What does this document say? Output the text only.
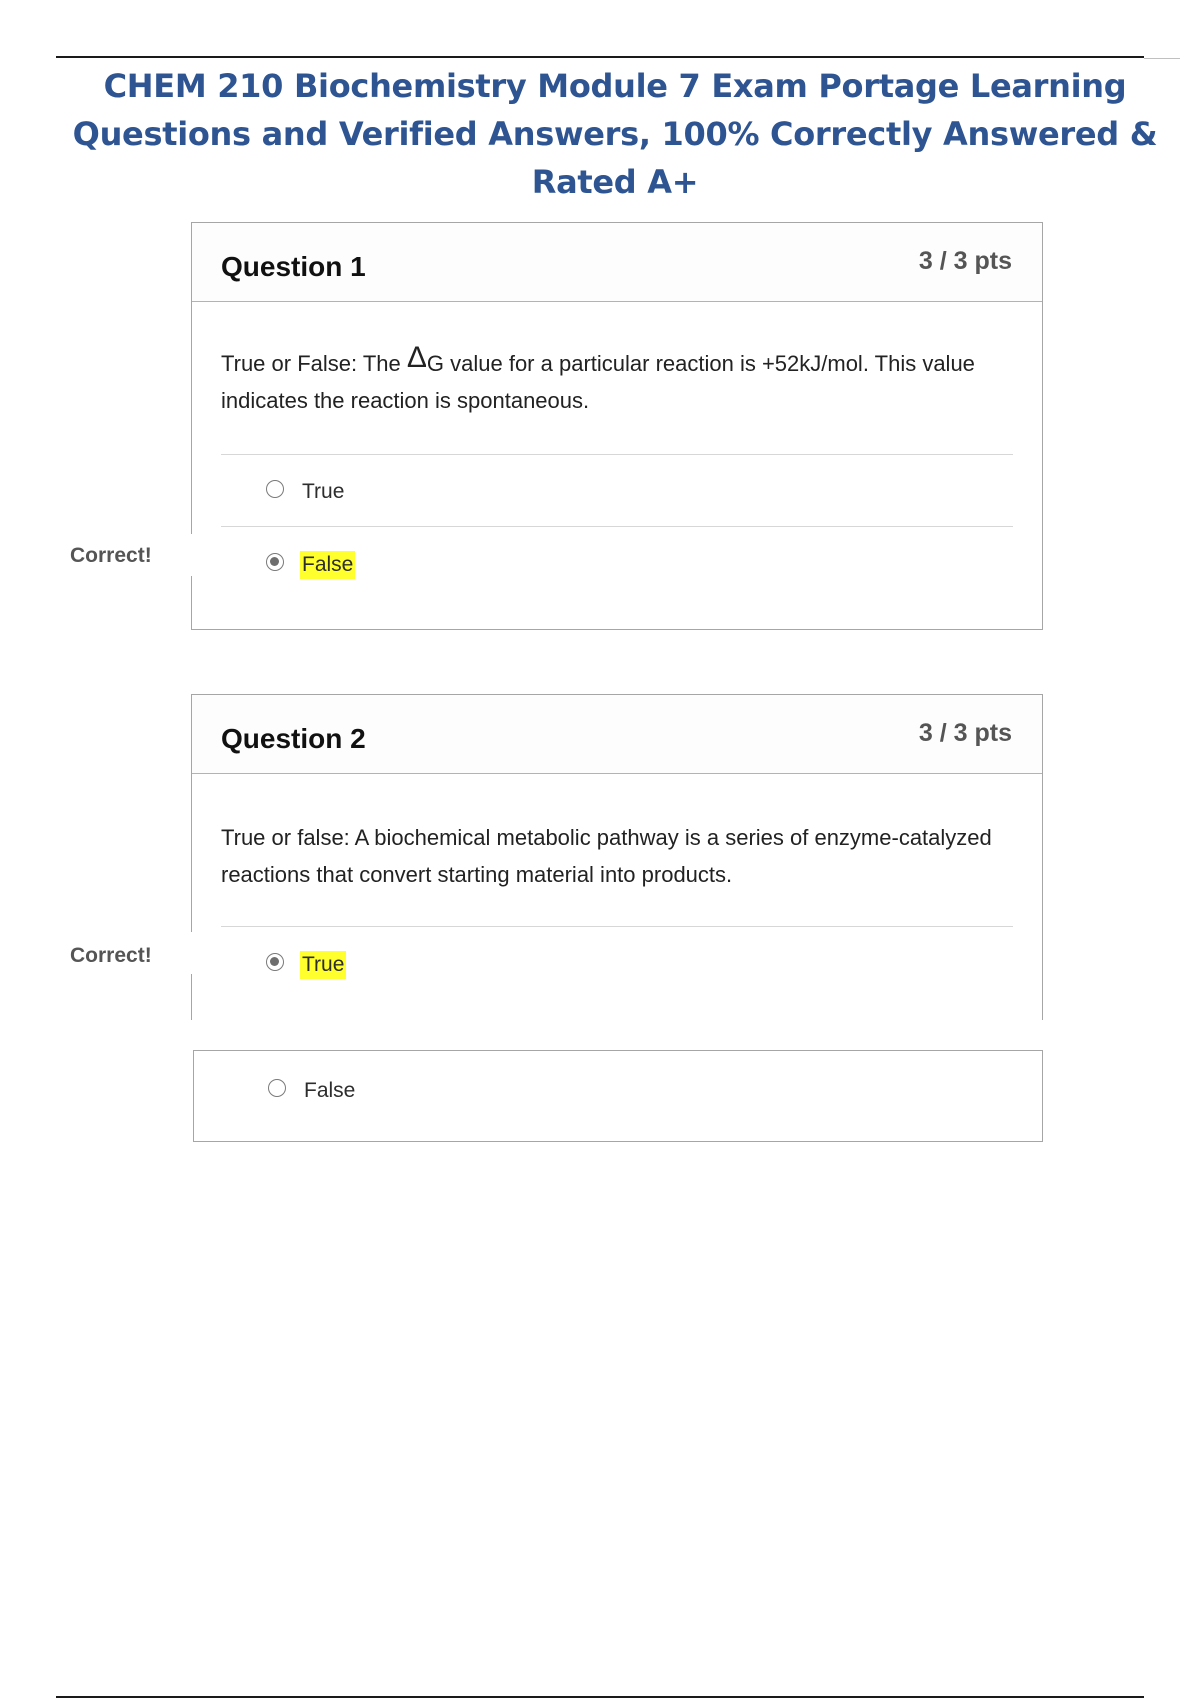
CHEM 210 Biochemistry Module 7 Exam Portage Learning Questions and Verified Answers, 100% Correctly Answered & Rated A+
Question 1	3 / 3 pts
True or False: The ΔG value for a particular reaction is +52kJ/mol. This value indicates the reaction is spontaneous.
True
False
Correct!
Question 2	3 / 3 pts
True or false: A biochemical metabolic pathway is a series of enzyme-catalyzed reactions that convert starting material into products.
True
Correct!
False
